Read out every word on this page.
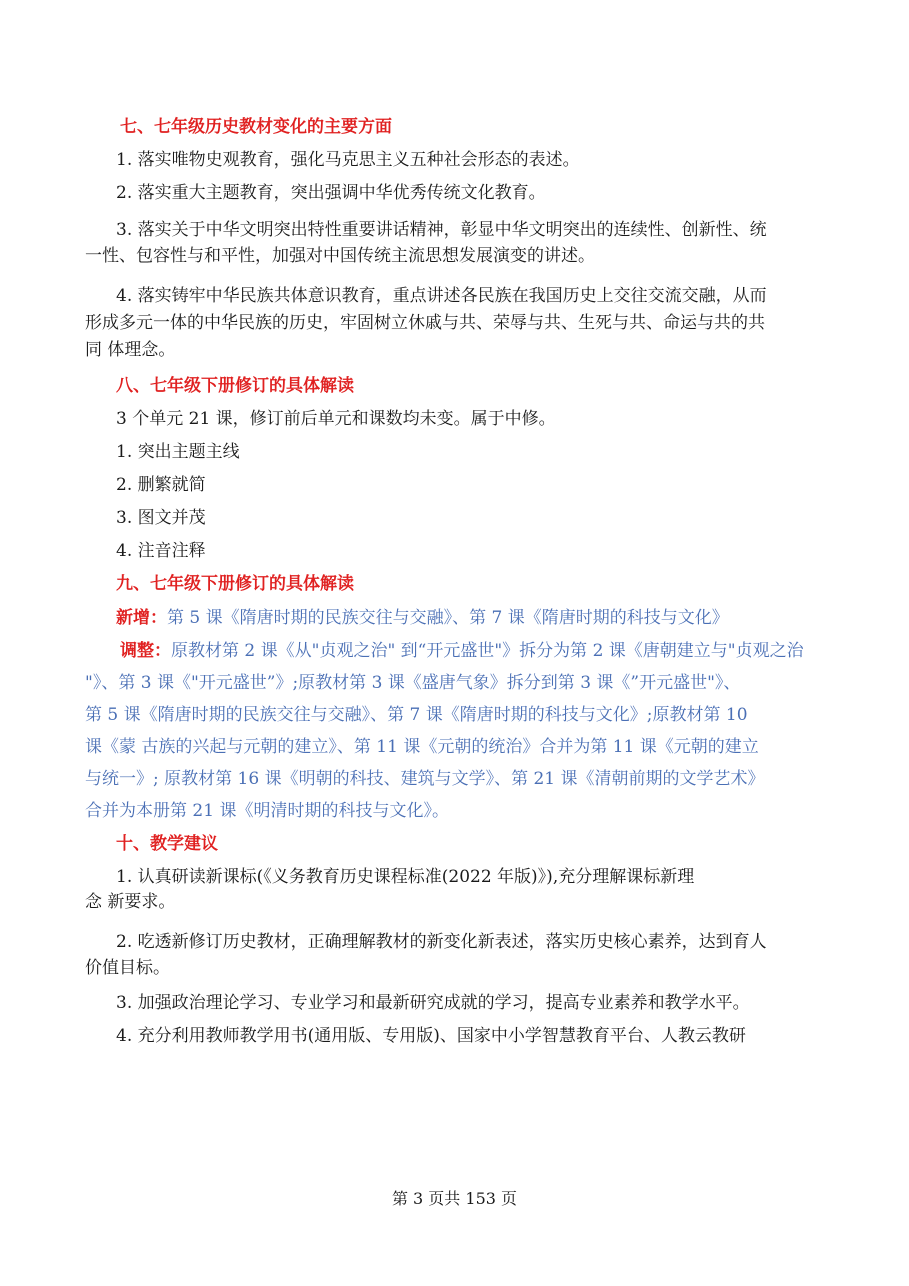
七、七年级历史教材变化的主要方面
1. 落实唯物史观教育，强化马克思主义五种社会形态的表述。
2. 落实重大主题教育，突出强调中华优秀传统文化教育。
3. 落实关于中华文明突出特性重要讲话精神，彰显中华文明突出的连续性、创新性、统
一性、包容性与和平性，加强对中国传统主流思想发展演变的讲述。
4. 落实铸牢中华民族共体意识教育，重点讲述各民族在我国历史上交往交流交融，从而
形成多元一体的中华民族的历史，牢固树立休戚与共、荣辱与共、生死与共、命运与共的共
同 体理念。
八、七年级下册修订的具体解读
3 个单元 21 课，修订前后单元和课数均未变。属于中修。
1. 突出主题主线
2. 删繁就简
3. 图文并茂
4. 注音注释
九、七年级下册修订的具体解读
新增：第 5 课《隋唐时期的民族交往与交融》、第 7 课《隋唐时期的科技与文化》
调整：原教材第 2 课《从"贞观之治" 到“开元盛世"》拆分为第 2 课《唐朝建立与"贞观之治
"》、第 3 课《"开元盛世”》;原教材第 3 课《盛唐气象》拆分到第 3 课《”开元盛世"》、
第 5 课《隋唐时期的民族交往与交融》、第 7 课《隋唐时期的科技与文化》;原教材第 10
课《蒙 古族的兴起与元朝的建立》、第 11 课《元朝的统治》合并为第 11 课《元朝的建立
与统一》; 原教材第 16 课《明朝的科技、建筑与文学》、第 21 课《清朝前期的文学艺术》
合并为本册第 21 课《明清时期的科技与文化》。
十、教学建议
1. 认真研读新课标(《义务教育历史课程标准(2022 年版)》),充分理解课标新理
念 新要求。
2. 吃透新修订历史教材，正确理解教材的新变化新表述，落实历史核心素养，达到育人
价值目标。
3. 加强政治理论学习、专业学习和最新研究成就的学习，提高专业素养和教学水平。
4. 充分利用教师教学用书(通用版、专用版)、国家中小学智慧教育平台、人教云教研
第 3 页共 153 页
